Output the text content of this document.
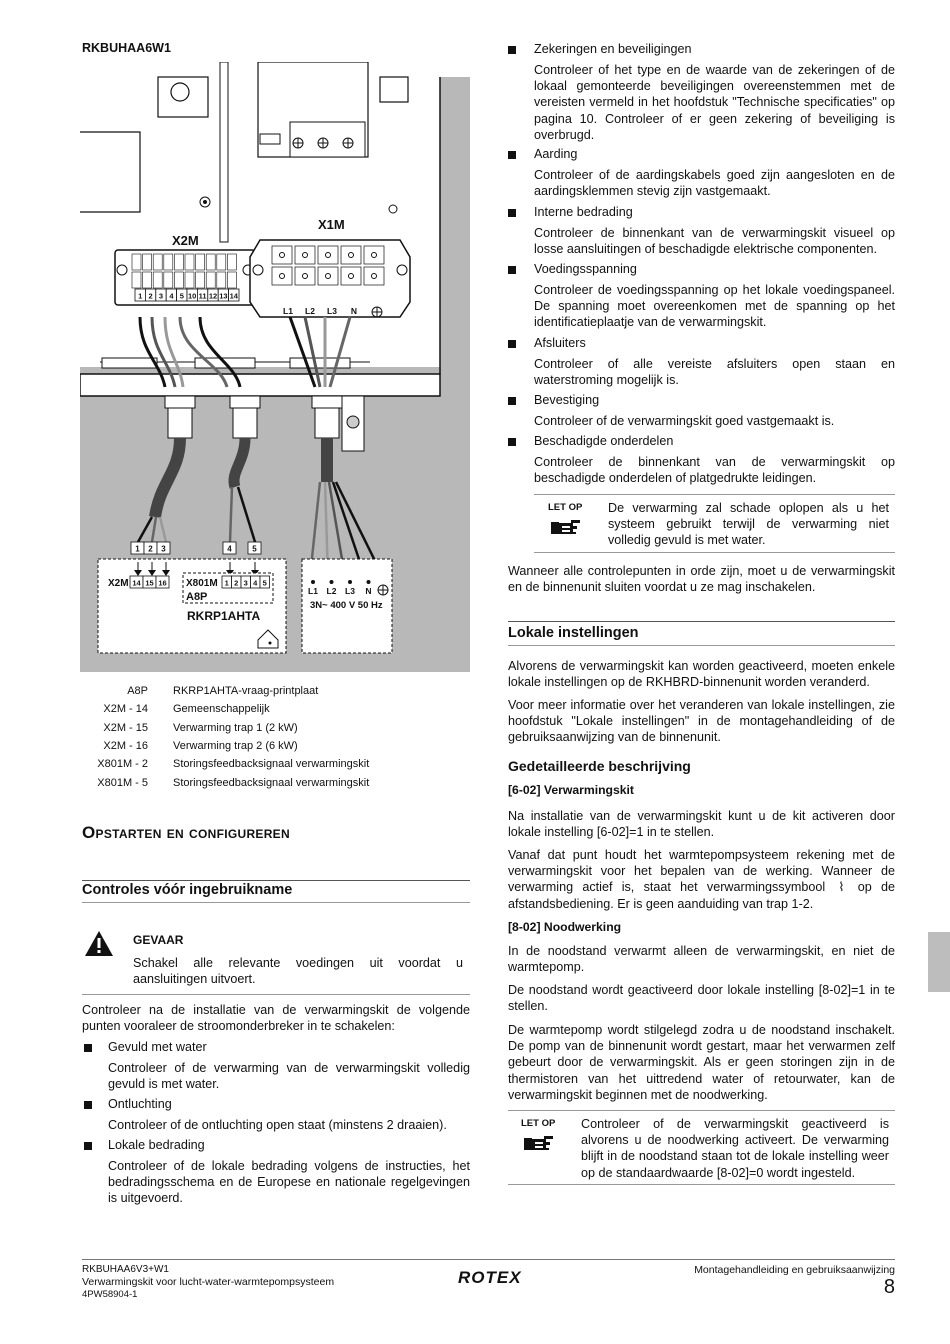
RKBUHAA6W1
X2M
1 2 3 4 5 10 11 12 13 14
X1M
L1 L2 L3 N
1 2 3	4	5
X2M 14 15 16 X801M 1 2 3 4 5
A8P
RKRP1AHTA
L1 L2 L3 N
3N~ 400 V 50 Hz
A8P RKRP1AHTA-vraag-printplaat
X2M - 14 Gemeenschappelijk
X2M - 15 Verwarming trap 1 (2 kW)
X2M - 16 Verwarming trap 2 (6 kW)
X801M - 2 Storingsfeedbacksignaal verwarmingskit
X801M - 5 Storingsfeedbacksignaal verwarmingskit
Opstarten en configureren
Controles vóór ingebruikname
GEVAAR

Schakel alle relevante voedingen uit voordat u aansluitingen uitvoert.

Controleer na de installatie van de verwarmingskit de volgende punten vooraleer de stroomonderbreker in te schakelen:

Gevuld met water

Controleer of de verwarming van de verwarmingskit volledig gevuld is met water.

Ontluchting

Controleer of de ontluchting open staat (minstens 2 draaien).

Lokale bedrading

Controleer of de lokale bedrading volgens de instructies, het bedradingsschema en de Europese en nationale regelgevingen is uitgevoerd.

Zekeringen en beveiligingen

Controleer of het type en de waarde van de zekeringen of de lokaal gemonteerde beveiligingen overeenstemmen met de vereisten vermeld in het hoofdstuk "Technische specificaties" op pagina 10. Controleer of er geen zekering of beveiliging is overbrugd.

Aarding

Controleer of de aardingskabels goed zijn aangesloten en de aardingsklemmen stevig zijn vastgemaakt.

Interne bedrading

Controleer de binnenkant van de verwarmingskit visueel op losse aansluitingen of beschadigde elektrische componenten.

Voedingsspanning

Controleer de voedingsspanning op het lokale voedingspaneel. De spanning moet overeenkomen met de spanning op het identificatieplaatje van de verwarmingskit.

Afsluiters

Controleer of alle vereiste afsluiters open staan en waterstroming mogelijk is.

Bevestiging

Controleer of de verwarmingskit goed vastgemaakt is.

Beschadigde onderdelen

Controleer de binnenkant van de verwarmingskit op beschadigde onderdelen of platgedrukte leidingen.

LET OP De verwarming zal schade oplopen als u het systeem gebruikt terwijl de verwarming niet volledig gevuld is met water.

Wanneer alle controlepunten in orde zijn, moet u de verwarmingskit en de binnenunit sluiten voordat u ze mag inschakelen.

Lokale instellingen

Alvorens de verwarmingskit kan worden geactiveerd, moeten enkele lokale instellingen op de RKHBRD-binnenunit worden veranderd.

Voor meer informatie over het veranderen van lokale instellingen, zie hoofdstuk "Lokale instellingen" in de montagehandleiding of de gebruiksaanwijzing van de binnenunit.

Gedetailleerde beschrijving
[6-02] Verwarmingskit

Na installatie van de verwarmingskit kunt u de kit activeren door lokale instelling [6-02]=1 in te stellen.

Vanaf dat punt houdt het warmtepompsysteem rekening met de verwarmingskit voor het bepalen van de werking. Wanneer de verwarming actief is, staat het verwarmingssymbool ⌇ op de afstandsbediening. Er is geen aanduiding van trap 1-2.

[8-02] Noodwerking

In de noodstand verwarmt alleen de verwarmingskit, en niet de warmtepomp.

De noodstand wordt geactiveerd door lokale instelling [8-02]=1 in te stellen.

De warmtepomp wordt stilgelegd zodra u de noodstand inschakelt. De pomp van de binnenunit wordt gestart, maar het verwarmen zelf gebeurt door de verwarmingskit. Als er geen storingen zijn in de thermistoren van het uittredend water of retourwater, kan de verwarmingskit beginnen met de noodwerking.

LET OP Controleer of de verwarmingskit geactiveerd is alvorens u de noodwerking activeert. De verwarming blijft in de noodstand staan tot de lokale instelling weer op de standaardwaarde [8-02]=0 wordt ingesteld.

RKBUHAA6V3+W1
Verwarmingskit voor lucht-water-warmtepompsysteem
4PW58904-1
ROTEX	Montagehandleiding en gebruiksaanwijzing
8
